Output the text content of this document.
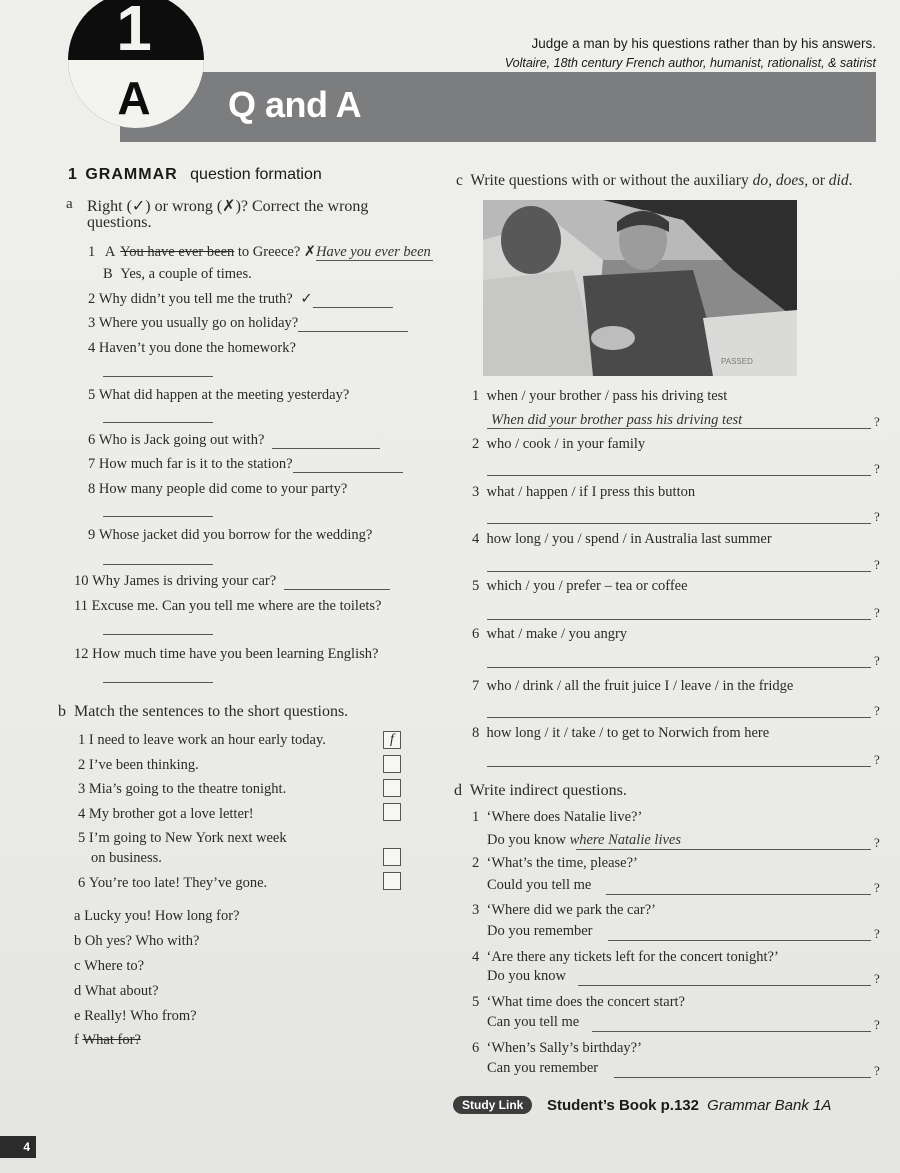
1
A	Q and A
Judge a man by his questions rather than by his answers.
Voltaire, 18th century French author, humanist, rationalist, & satirist
1 GRAMMAR question formation
a Right (✓) or wrong (✗)? Correct the wrong
questions.
1 A You have ever been to Greece? ✗Have you ever been
B Yes, a couple of times.
2 Why didn’t you tell me the truth? ✓
3 Where you usually go on holiday?
4 Haven’t you done the homework?
5 What did happen at the meeting yesterday?
6 Who is Jack going out with?
7 How much far is it to the station?
8 How many people did come to your party?
9 Whose jacket did you borrow for the wedding?
10 Why James is driving your car?
11 Excuse me. Can you tell me where are the toilets?
12 How much time have you been learning English?
b Match the sentences to the short questions.
1 I need to leave work an hour early today.	f
2 I’ve been thinking.
3 Mia’s going to the theatre tonight.
4 My brother got a love letter!
5 I’m going to New York next week
on business.
6 You’re too late! They’ve gone.
a Lucky you! How long for?
b Oh yes? Who with?
c Where to?
d What about?
e Really! Who from?
f What for?
c Write questions with or without the auxiliary do, does, or did.
PASSED
1 when / your brother / pass his driving test
When did your brother pass his driving test	?
2 who / cook / in your family
?
3 what / happen / if I press this button
?
4 how long / you / spend / in Australia last summer
?
5 which / you / prefer – tea or coffee
?
6 what / make / you angry
?
7 who / drink / all the fruit juice I / leave / in the fridge
?
8 how long / it / take / to get to Norwich from here
?
d Write indirect questions.
1 ‘Where does Natalie live?’
Do you know where Natalie lives	?
2 ‘What’s the time, please?’
Could you tell me	?
3 ‘Where did we park the car?’
Do you remember	?
4 ‘Are there any tickets left for the concert tonight?’
Do you know	?
5 ‘What time does the concert start?
Can you tell me	?
6 ‘When’s Sally’s birthday?’
Can you remember	?
Study Link	Student’s Book p.132 Grammar Bank 1A
4
